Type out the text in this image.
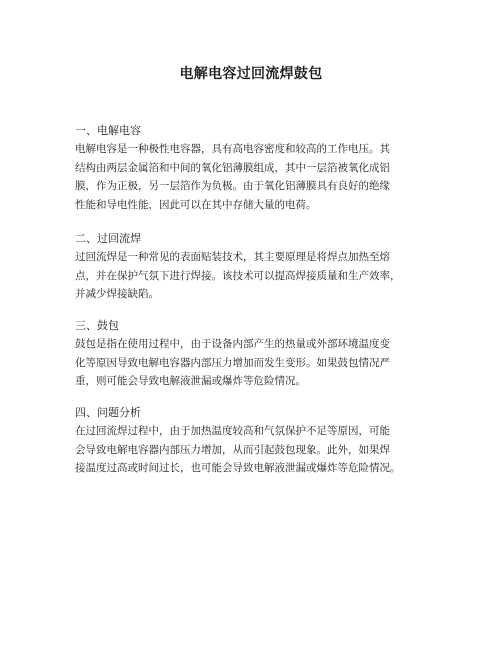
电解电容过回流焊鼓包

一、电解电容

电解电容是一种极性电容器，具有高电容密度和较高的工作电压。其
结构由两层金属箔和中间的氧化铝薄膜组成，其中一层箔被氧化成铝
膜，作为正极，另一层箔作为负极。由于氧化铝薄膜具有良好的绝缘
性能和导电性能，因此可以在其中存储大量的电荷。

二、过回流焊

过回流焊是一种常见的表面贴装技术，其主要原理是将焊点加热至熔
点，并在保护气氛下进行焊接。该技术可以提高焊接质量和生产效率，
并减少焊接缺陷。

三、鼓包

鼓包是指在使用过程中，由于设备内部产生的热量或外部环境温度变
化等原因导致电解电容器内部压力增加而发生变形。如果鼓包情况严
重，则可能会导致电解液泄漏或爆炸等危险情况。

四、问题分析

在过回流焊过程中，由于加热温度较高和气氛保护不足等原因，可能
会导致电解电容器内部压力增加，从而引起鼓包现象。此外，如果焊
接温度过高或时间过长，也可能会导致电解液泄漏或爆炸等危险情况。
